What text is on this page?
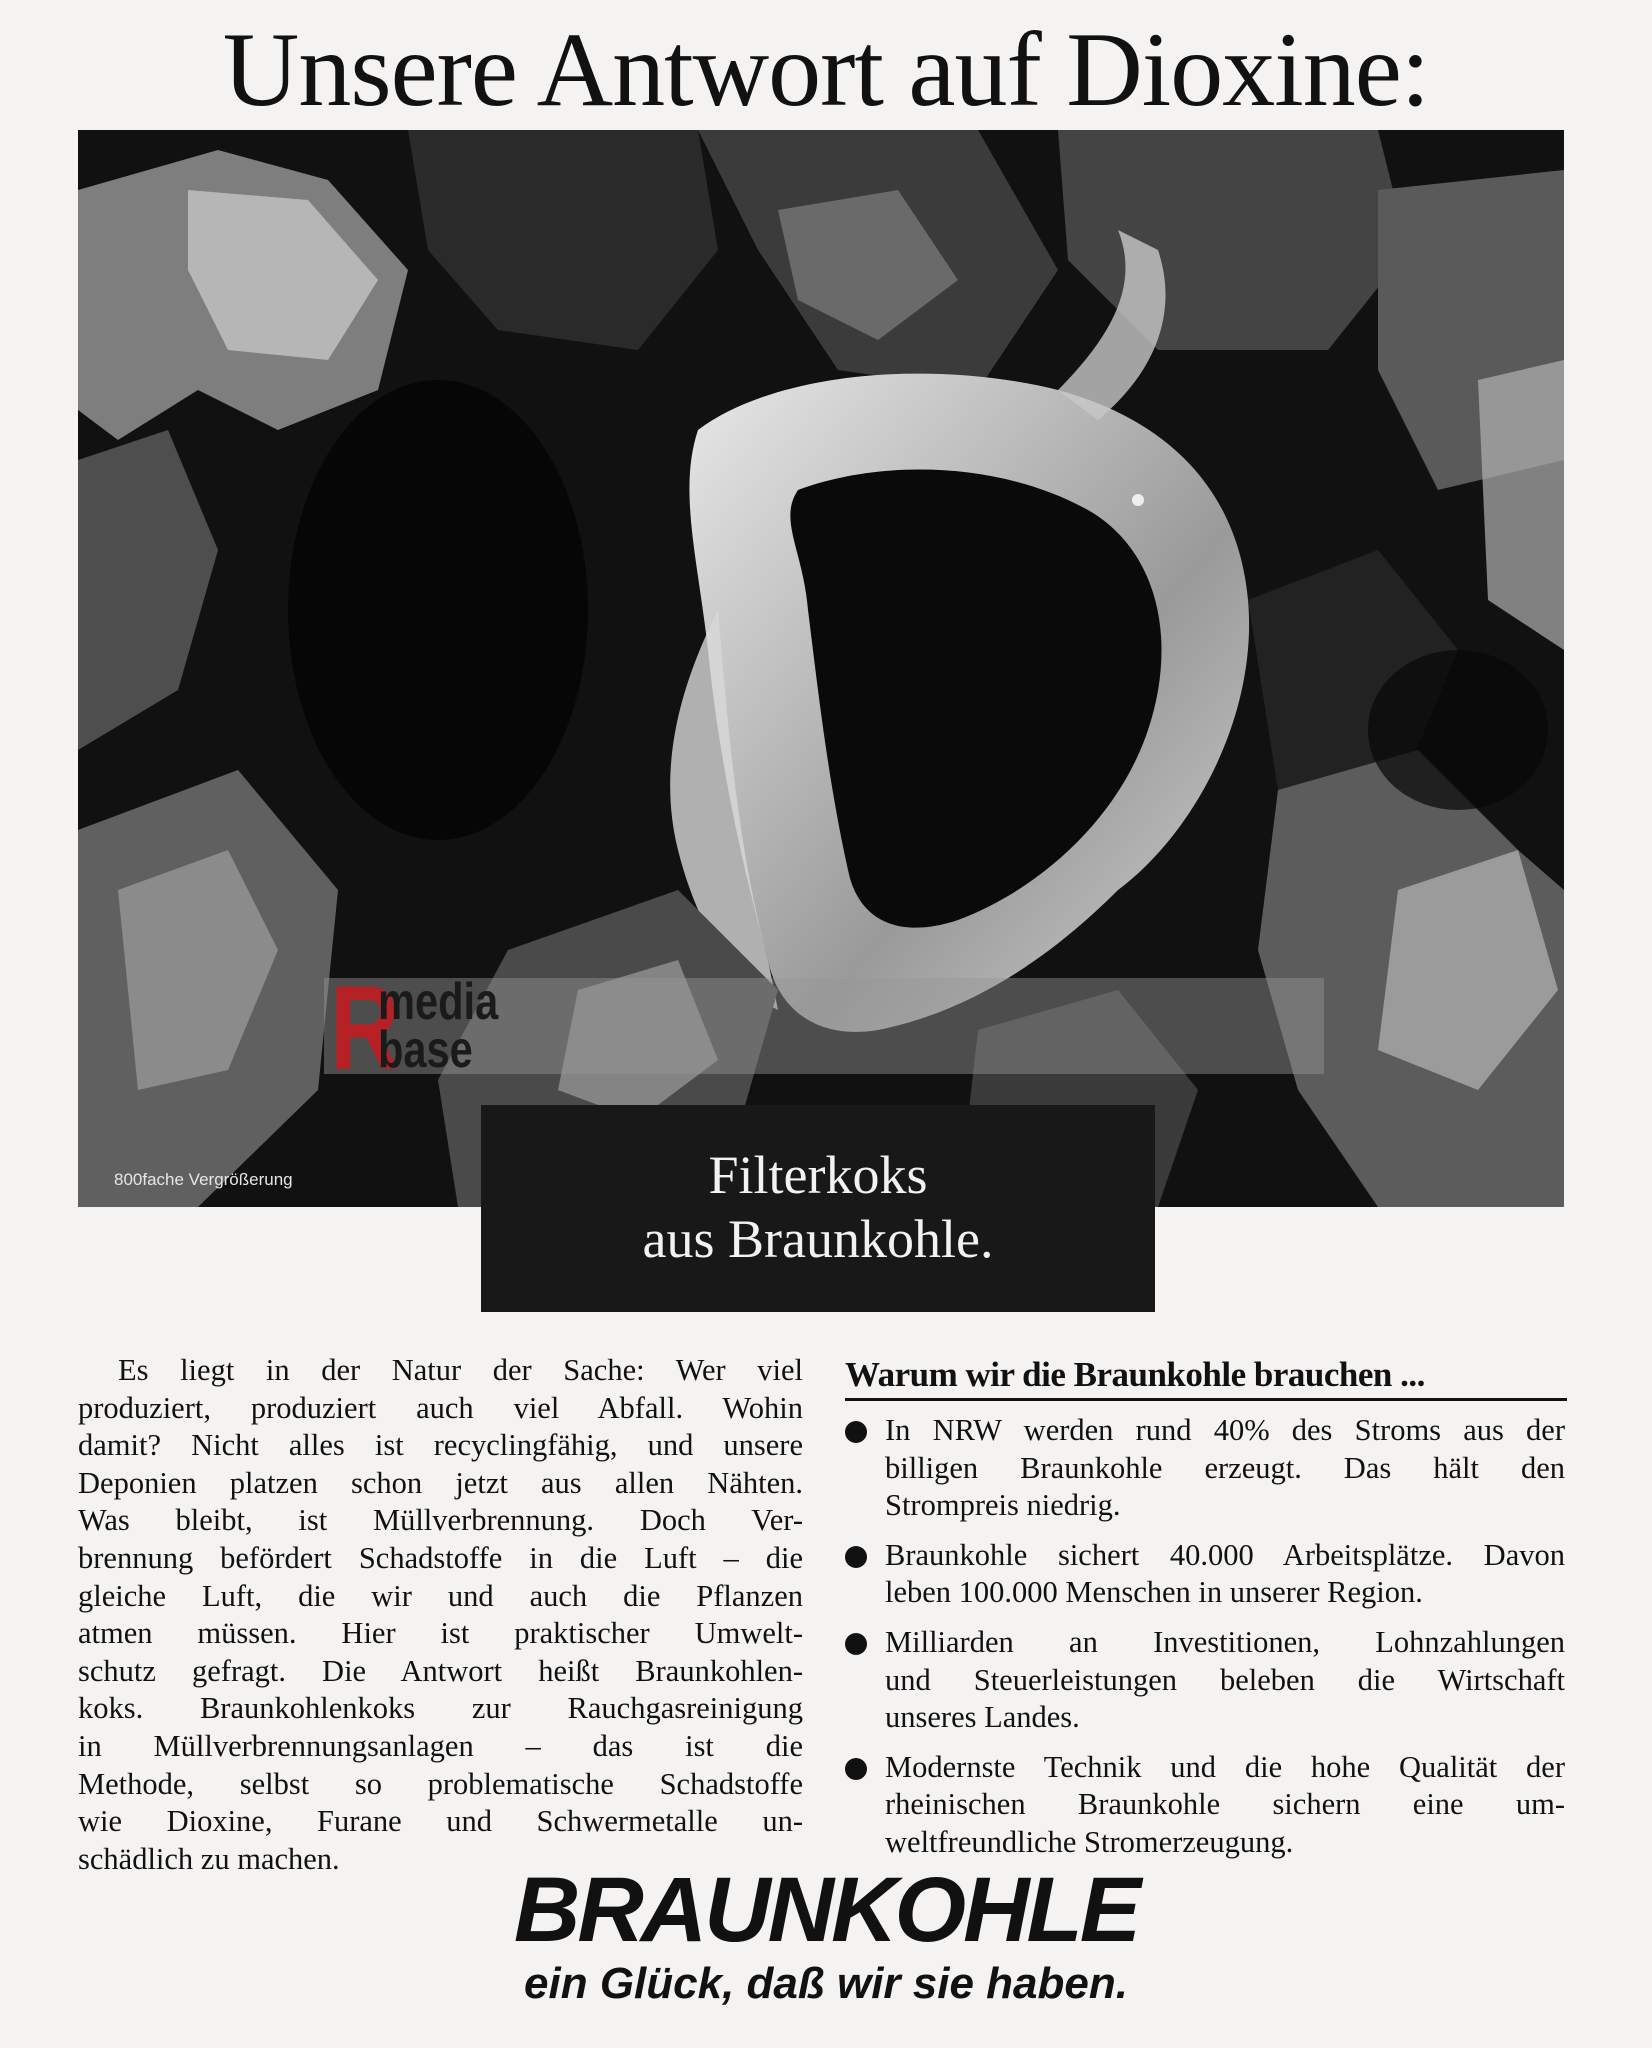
Unsere Antwort auf Dioxine:
R
media
base
800fache Vergrößerung	Filterkoks
aus Braunkohle.
Es liegt in der Natur der Sache: Wer viel
produziert, produziert auch viel Abfall. Wohin
damit? Nicht alles ist recyclingfähig, und unsere
Deponien platzen schon jetzt aus allen Nähten.
Was bleibt, ist Müllverbrennung. Doch Ver-
brennung befördert Schadstoffe in die Luft – die
gleiche Luft, die wir und auch die Pflanzen
atmen müssen. Hier ist praktischer Umwelt-
schutz gefragt. Die Antwort heißt Braunkohlen-
koks. Braunkohlenkoks zur Rauchgasreinigung
in Müllverbrennungsanlagen – das ist die
Methode, selbst so problematische Schadstoffe
wie Dioxine, Furane und Schwermetalle un-
schädlich zu machen.
Warum wir die Braunkohle brauchen ...
In NRW werden rund 40% des Stroms aus der
billigen Braunkohle erzeugt. Das hält den
Strompreis niedrig.
Braunkohle sichert 40.000 Arbeitsplätze. Davon
leben 100.000 Menschen in unserer Region.
Milliarden an Investitionen, Lohnzahlungen
und Steuerleistungen beleben die Wirtschaft
unseres Landes.
Modernste Technik und die hohe Qualität der
rheinischen Braunkohle sichern eine um-
weltfreundliche Stromerzeugung.
BRAUNKOHLE
ein Glück, daß wir sie haben.
